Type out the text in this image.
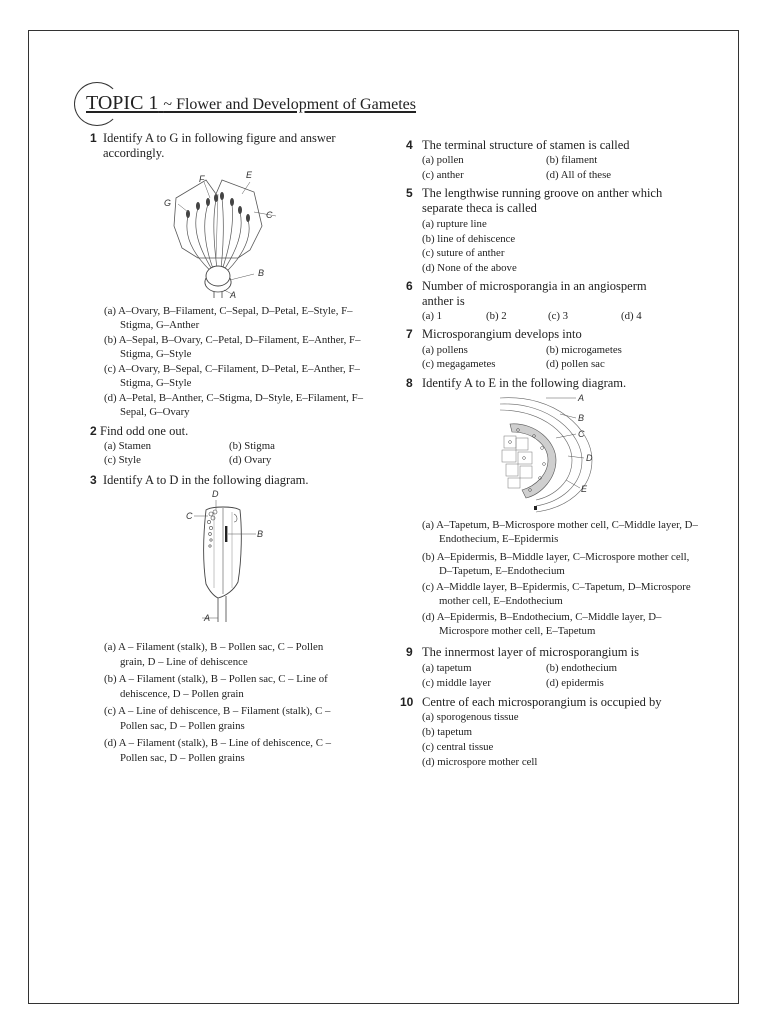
TOPIC 1 ~ Flower and Development of Gametes
1 Identify A to G in following figure and answer accordingly.
F	E
G
C
B
A
(a) A–Ovary, B–Filament, C–Sepal, D–Petal, E–Style, F–Stigma, G–Anther
(b) A–Sepal, B–Ovary, C–Petal, D–Filament, E–Anther, F–Stigma, G–Style
(c) A–Ovary, B–Sepal, C–Filament, D–Petal, E–Anther, F–Stigma, G–Style
(d) A–Petal, B–Anther, C–Stigma, D–Style, E–Filament, F–Sepal, G–Ovary
2 Find odd one out.
(a) Stamen	(b) Stigma
(c) Style	(d) Ovary
3 Identify A to D in the following diagram.
D
C
B
A
(a) A – Filament (stalk), B – Pollen sac, C – Pollen grain, D – Line of dehiscence
(b) A – Filament (stalk), B – Pollen sac, C – Line of dehiscence, D – Pollen grain
(c) A – Line of dehiscence, B – Filament (stalk), C – Pollen sac, D – Pollen grains
(d) A – Filament (stalk), B – Line of dehiscence, C – Pollen sac, D – Pollen grains
4 The terminal structure of stamen is called
(a) pollen	(b) filament
(c) anther	(d) All of these
5 The lengthwise running groove on anther which separate theca is called
(a) rupture line
(b) line of dehiscence
(c) suture of anther
(d) None of the above
6 Number of microsporangia in an angiosperm anther is
(a) 1	(b) 2	(c) 3	(d) 4
7 Microsporangium develops into
(a) pollens	(b) microgametes
(c) megagametes	(d) pollen sac
8 Identify A to E in the following diagram.
A
B
C
D
E
(a) A–Tapetum, B–Microspore mother cell, C–Middle layer, D–Endothecium, E–Epidermis
(b) A–Epidermis, B–Middle layer, C–Microspore mother cell, D–Tapetum, E–Endothecium
(c) A–Middle layer, B–Epidermis, C–Tapetum, D–Microspore mother cell, E–Endothecium
(d) A–Epidermis, B–Endothecium, C–Middle layer, D–Microspore mother cell, E–Tapetum
9 The innermost layer of microsporangium is
(a) tapetum	(b) endothecium
(c) middle layer	(d) epidermis
10 Centre of each microsporangium is occupied by
(a) sporogenous tissue
(b) tapetum
(c) central tissue
(d) microspore mother cell
